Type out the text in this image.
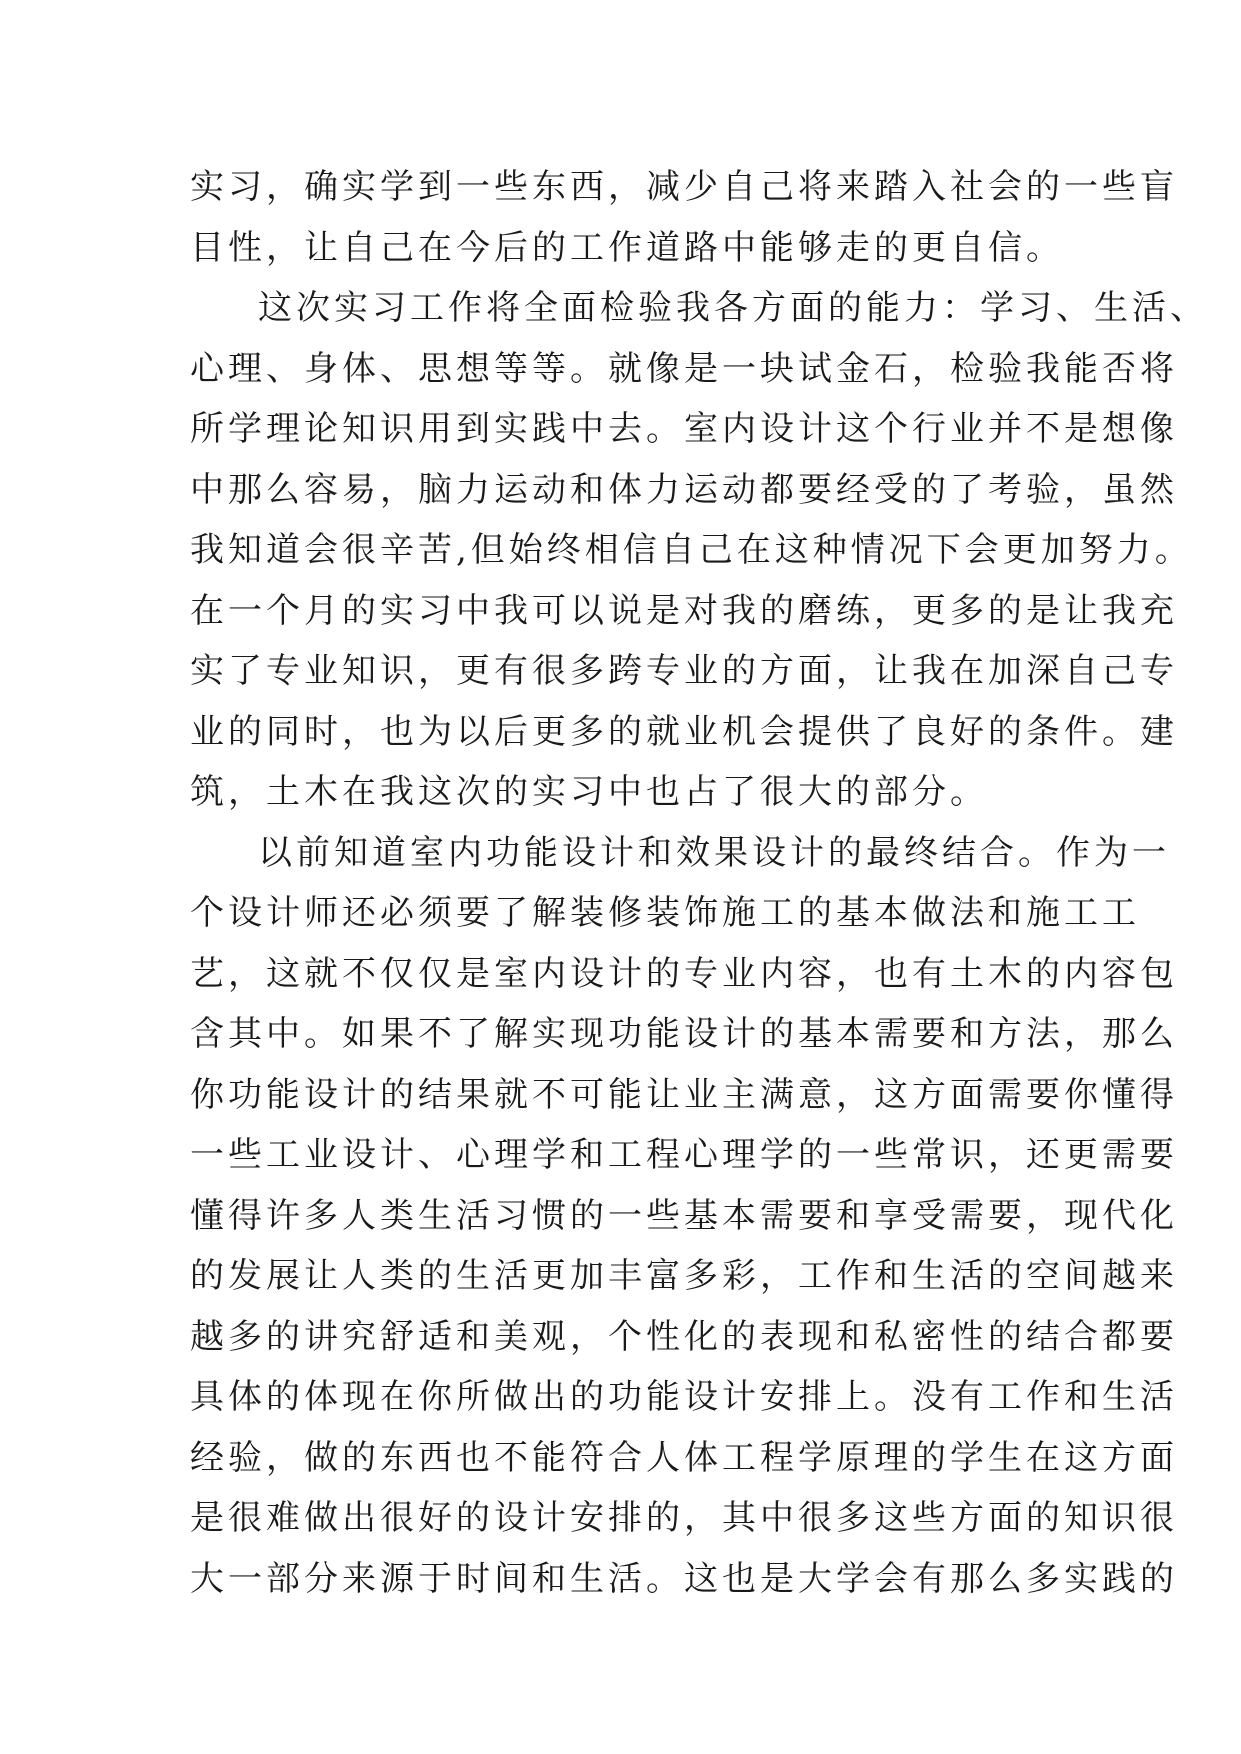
实习，确实学到一些东西，减少自己将来踏入社会的一些盲
目性，让自己在今后的工作道路中能够走的更自信。
这次实习工作将全面检验我各方面的能力：学习、生活、
心理、身体、思想等等。就像是一块试金石，检验我能否将
所学理论知识用到实践中去。室内设计这个行业并不是想像
中那么容易，脑力运动和体力运动都要经受的了考验，虽然
我知道会很辛苦,但始终相信自己在这种情况下会更加努力。
在一个月的实习中我可以说是对我的磨练，更多的是让我充
实了专业知识，更有很多跨专业的方面，让我在加深自己专
业的同时，也为以后更多的就业机会提供了良好的条件。建
筑，土木在我这次的实习中也占了很大的部分。
以前知道室内功能设计和效果设计的最终结合。作为一
个设计师还必须要了解装修装饰施工的基本做法和施工工
艺，这就不仅仅是室内设计的专业内容，也有土木的内容包
含其中。如果不了解实现功能设计的基本需要和方法，那么
你功能设计的结果就不可能让业主满意，这方面需要你懂得
一些工业设计、心理学和工程心理学的一些常识，还更需要
懂得许多人类生活习惯的一些基本需要和享受需要，现代化
的发展让人类的生活更加丰富多彩，工作和生活的空间越来
越多的讲究舒适和美观，个性化的表现和私密性的结合都要
具体的体现在你所做出的功能设计安排上。没有工作和生活
经验，做的东西也不能符合人体工程学原理的学生在这方面
是很难做出很好的设计安排的，其中很多这些方面的知识很
大一部分来源于时间和生活。这也是大学会有那么多实践的
